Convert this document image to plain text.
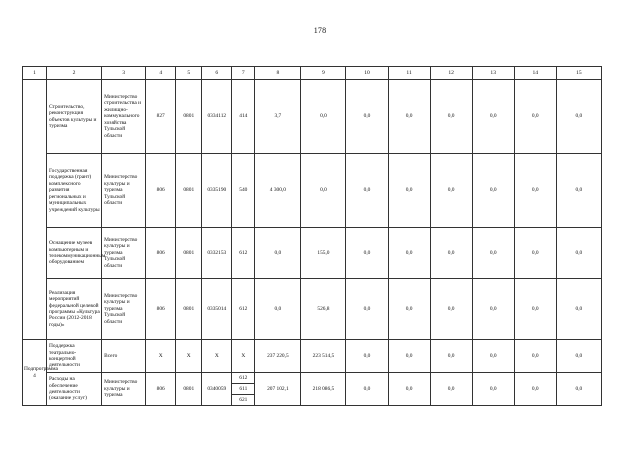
178
1	2	3	4	5	6	7	8	9	10	11	12	13	14	15
	Строительство, реконструкция объектов культуры и туризма	Министерство строительства и жилищно-коммунального хозяйства Тульской области	827	0801	0334112	414	3,7	0,0	0,0	0,0	0,0	0,0	0,0	0,0
	Государственная поддержка (грант) комплексного развития региональных и муниципальных учреждений культуры	Министерство культуры и туризма Тульской области	806	0801	0335190	540	4 300,0	0,0	0,0	0,0	0,0	0,0	0,0	0,0
	Оснащение музеев компьютерным и телекоммуникационным оборудованием	Министерство культуры и туризма Тульской области	806	0801	0332153	612	0,0	155,0	0,0	0,0	0,0	0,0	0,0	0,0
	Реализация мероприятий федеральной целевой программы «Культура России (2012-2018 годы)»	Министерство культуры и туризма Тульской области	806	0801	0335014	612	0,0	526,8	0,0	0,0	0,0	0,0	0,0	0,0
Подпрограмма 4	Поддержка театрально-концертной деятельности	Всего	X	X	X	X	237 220,5	223 514,5	0,0	0,0	0,0	0,0	0,0	0,0
	Расходы на обеспечение деятельности (оказание услуг)	Министерство культуры и туризма	806	0801	0340059	612	207 102,1	218 086,5	0,0	0,0	0,0	0,0	0,0	0,0
						611								
						621								
